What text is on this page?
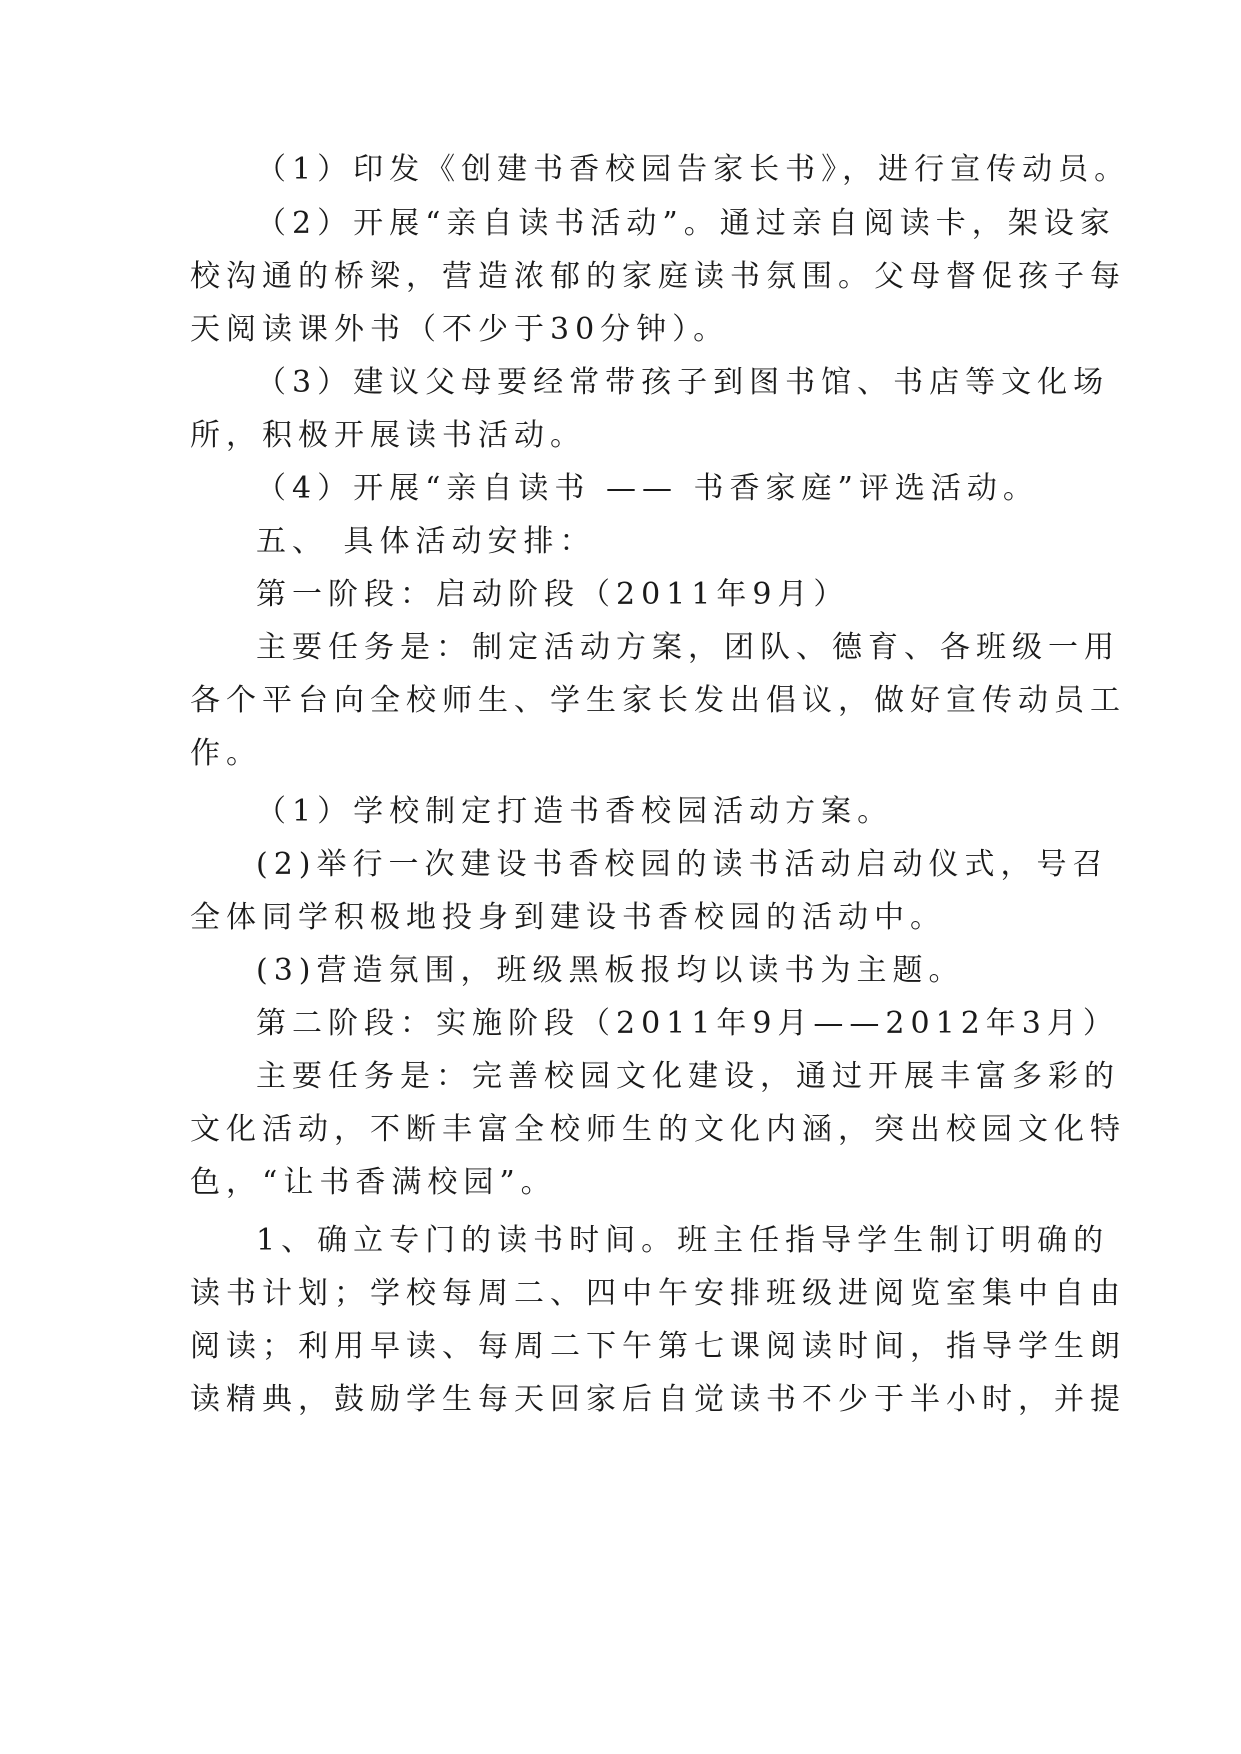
（1）印发《创建书香校园告家长书》，进行宣传动员。

（2）开展“亲自读书活动”。通过亲自阅读卡，架设家

校沟通的桥梁，营造浓郁的家庭读书氛围。父母督促孩子每

天阅读课外书（不少于30分钟）。

（3）建议父母要经常带孩子到图书馆、书店等文化场

所，积极开展读书活动。

（4）开展“亲自读书 —— 书香家庭”评选活动。

五、 具体活动安排：

第一阶段：启动阶段（2011年9月）

主要任务是：制定活动方案，团队、德育、各班级一用

各个平台向全校师生、学生家长发出倡议，做好宣传动员工

作。

（1）学校制定打造书香校园活动方案。

(2)举行一次建设书香校园的读书活动启动仪式，号召

全体同学积极地投身到建设书香校园的活动中。

(3)营造氛围，班级黑板报均以读书为主题。

第二阶段：实施阶段（2011年9月——2012年3月）

主要任务是：完善校园文化建设，通过开展丰富多彩的

文化活动，不断丰富全校师生的文化内涵，突出校园文化特

色，“让书香满校园”。

1、确立专门的读书时间。班主任指导学生制订明确的

读书计划；学校每周二、四中午安排班级进阅览室集中自由

阅读；利用早读、每周二下午第七课阅读时间，指导学生朗

读精典，鼓励学生每天回家后自觉读书不少于半小时，并提
